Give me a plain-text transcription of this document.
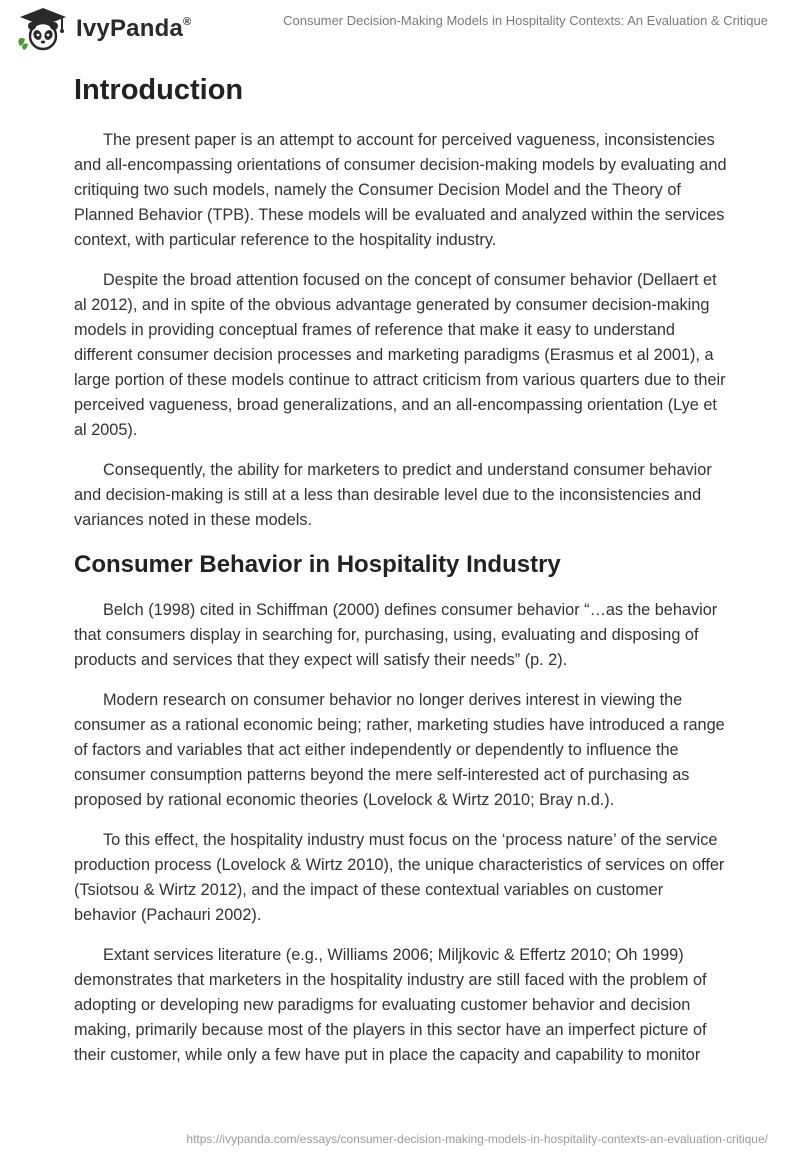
IvyPanda®	Consumer Decision-Making Models in Hospitality Contexts: An Evaluation & Critique
Introduction

The present paper is an attempt to account for perceived vagueness, inconsistencies and all-encompassing orientations of consumer decision-making models by evaluating and critiquing two such models, namely the Consumer Decision Model and the Theory of Planned Behavior (TPB). These models will be evaluated and analyzed within the services context, with particular reference to the hospitality industry.

Despite the broad attention focused on the concept of consumer behavior (Dellaert et al 2012), and in spite of the obvious advantage generated by consumer decision-making models in providing conceptual frames of reference that make it easy to understand different consumer decision processes and marketing paradigms (Erasmus et al 2001), a large portion of these models continue to attract criticism from various quarters due to their perceived vagueness, broad generalizations, and an all-encompassing orientation (Lye et al 2005).

Consequently, the ability for marketers to predict and understand consumer behavior and decision-making is still at a less than desirable level due to the inconsistencies and variances noted in these models.

Consumer Behavior in Hospitality Industry

Belch (1998) cited in Schiffman (2000) defines consumer behavior “…as the behavior that consumers display in searching for, purchasing, using, evaluating and disposing of products and services that they expect will satisfy their needs” (p. 2).

Modern research on consumer behavior no longer derives interest in viewing the consumer as a rational economic being; rather, marketing studies have introduced a range of factors and variables that act either independently or dependently to influence the consumer consumption patterns beyond the mere self-interested act of purchasing as proposed by rational economic theories (Lovelock & Wirtz 2010; Bray n.d.).

To this effect, the hospitality industry must focus on the ‘process nature’ of the service production process (Lovelock & Wirtz 2010), the unique characteristics of services on offer (Tsiotsou & Wirtz 2012), and the impact of these contextual variables on customer behavior (Pachauri 2002).

Extant services literature (e.g., Williams 2006; Miljkovic & Effertz 2010; Oh 1999) demonstrates that marketers in the hospitality industry are still faced with the problem of adopting or developing new paradigms for evaluating customer behavior and decision making, primarily because most of the players in this sector have an imperfect picture of their customer, while only a few have put in place the capacity and capability to monitor

https://ivypanda.com/essays/consumer-decision-making-models-in-hospitality-contexts-an-evaluation-critique/
